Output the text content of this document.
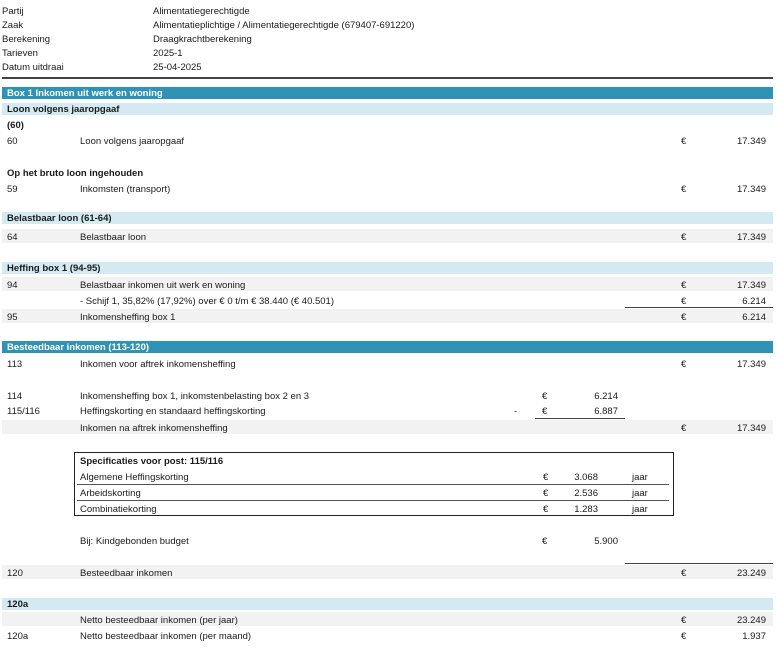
Partij	Alimentatiegerechtigde
Zaak	Alimentatieplichtige / Alimentatiegerechtigde (679407-691220)
Berekening	Draagkrachtberekening
Tarieven	2025-1
Datum uitdraai	25-04-2025
Box 1 Inkomen uit werk en woning
Loon volgens jaaropgaaf
(60)
60	Loon volgens jaaropgaaf	€	17.349
Op het bruto loon ingehouden
59	Inkomsten (transport)	€	17.349
Belastbaar loon (61-64)
64	Belastbaar loon	€	17.349
Heffing box 1 (94-95)
94	Belastbaar inkomen uit werk en woning	€	17.349
- Schijf 1, 35,82% (17,92%) over € 0 t/m € 38.440 (€ 40.501)	€	6.214
95	Inkomensheffing box 1	€	6.214
Besteedbaar inkomen (113-120)
113	Inkomen voor aftrek inkomensheffing	€	17.349
114	Inkomensheffing box 1, inkomstenbelasting box 2 en 3	€	6.214
115/116	Heffingskorting en standaard heffingskorting	-	€	6.887
Inkomen na aftrek inkomensheffing	€	17.349
Specificaties voor post: 115/116
Algemene Heffingskorting	€	3.068	jaar
Arbeidskorting	€	2.536	jaar
Combinatiekorting	€	1.283	jaar
Bij: Kindgebonden budget	€	5.900
120	Besteedbaar inkomen	€	23.249
120a
Netto besteedbaar inkomen (per jaar)	€	23.249
120a	Netto besteedbaar inkomen (per maand)	€	1.937
